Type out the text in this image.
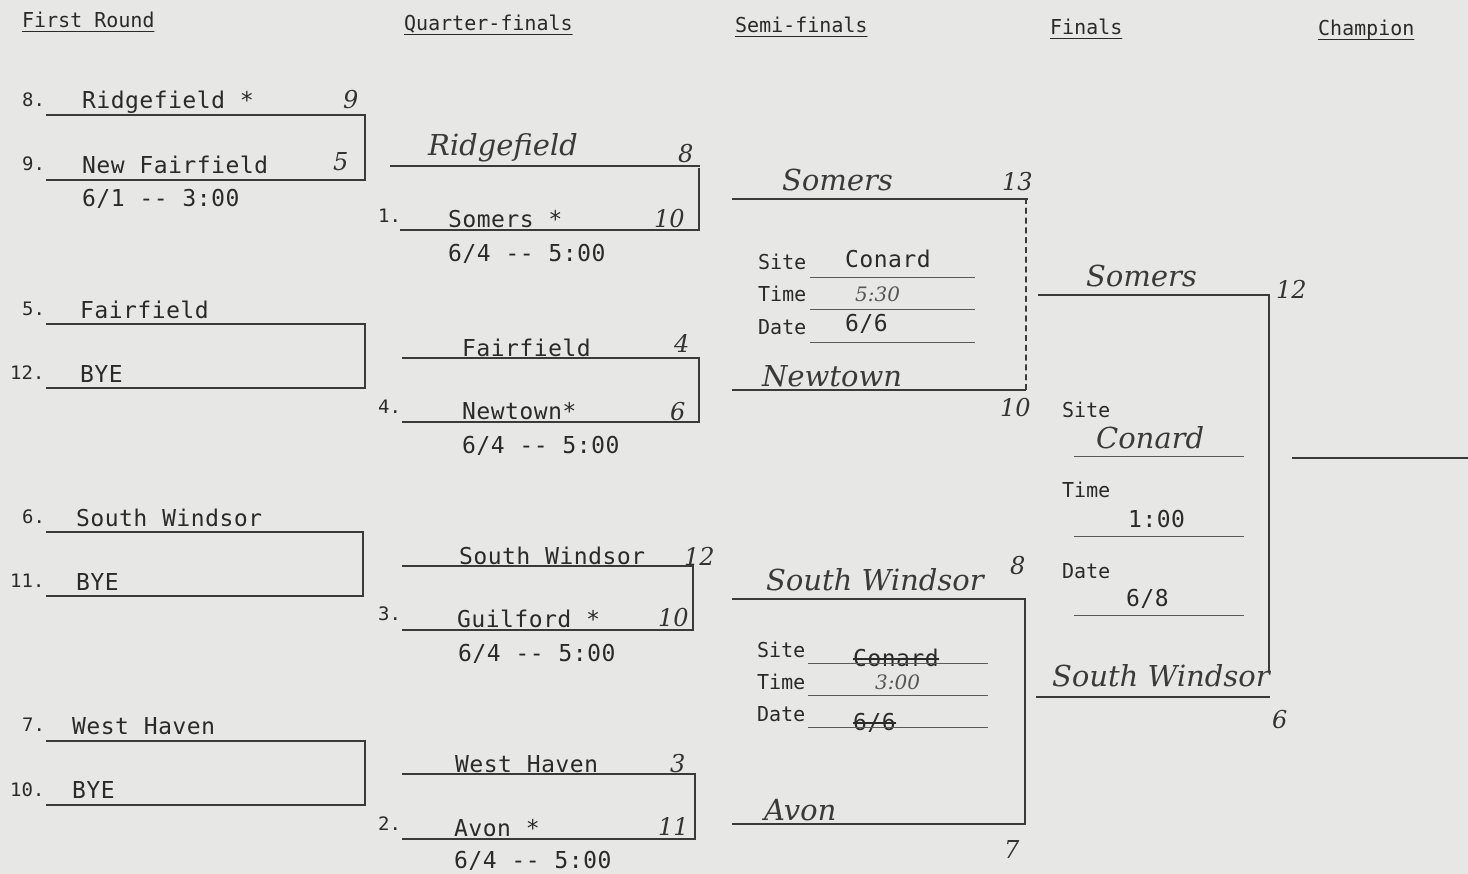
First Round	Quarter-finals	Semi-finals	Finals	Champion
8. Ridgefield *	9
9. New Fairfield	5
6/1 -- 3:00
5. Fairfield
12. BYE
6. South Windsor
11. BYE
7. West Haven
10. BYE
Ridgefield	8
1. Somers *	10
6/4 -- 5:00
Fairfield	4
4.	Newtown*	6
6/4 -- 5:00
South Windsor 12
3. Guilford * 10
6/4 -- 5:00
West Haven	3
2. Avon *	11
6/4 -- 5:00
Somers	13
Site Conard
Time 5:30
Date 6/6
Newtown
10
South Windsor 8
Site Conard
Time	3:00
Date 6/6
Avon
7
Somers	12
Site
Conard
Time
1:00
Date
6/8
South Windsor
6
